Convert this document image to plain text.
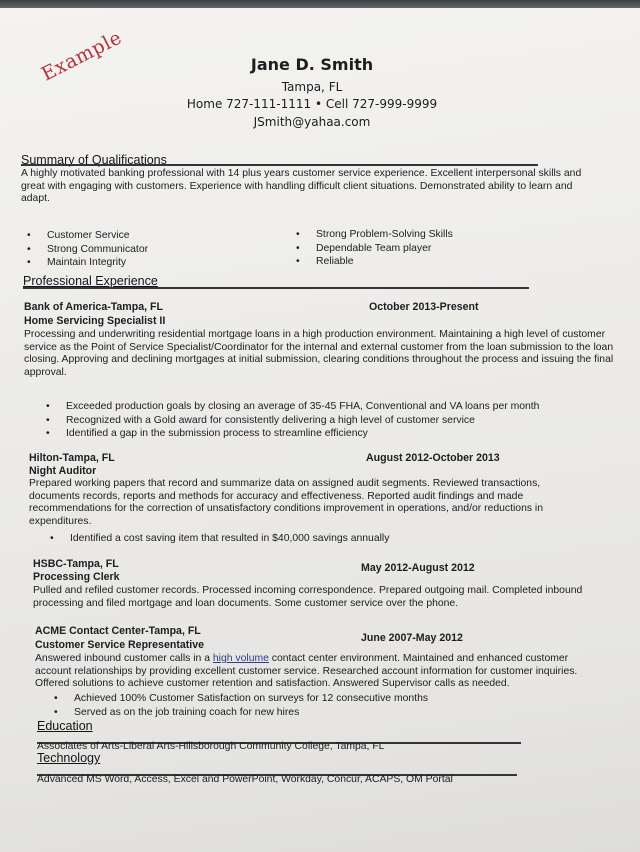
Example	Jane D. Smith
Tampa, FL
Home 727-111-1111 • Cell 727-999-9999
JSmith@yahaa.com
Summary of Qualifications
A highly motivated banking professional with 14 plus years customer service experience. Excellent interpersonal skills and
great with engaging with customers. Experience with handling difficult client situations. Demonstrated ability to learn and
adapt.
• Customer Service
• Strong Communicator
• Maintain Integrity
• Strong Problem-Solving Skills
• Dependable Team player
• Reliable
Professional Experience
Bank of America-Tampa, FL	October 2013-Present
Home Servicing Specialist II
Processing and underwriting residential mortgage loans in a high production environment. Maintaining a high level of customer
service as the Point of Service Specialist/Coordinator for the internal and external customer from the loan submission to the loan
closing. Approving and declining mortgages at initial submission, clearing conditions throughout the process and issuing the final
approval.
• Exceeded production goals by closing an average of 35-45 FHA, Conventional and VA loans per month
• Recognized with a Gold award for consistently delivering a high level of customer service
• Identified a gap in the submission process to streamline efficiency
Hilton-Tampa, FL	August 2012-October 2013
Night Auditor
Prepared working papers that record and summarize data on assigned audit segments. Reviewed transactions,
documents records, reports and methods for accuracy and effectiveness. Reported audit findings and made
recommendations for the correction of unsatisfactory conditions improvement in operations, and/or reductions in
expenditures.
• Identified a cost saving item that resulted in $40,000 savings annually
HSBC-Tampa, FL	May 2012-August 2012
Processing Clerk
Pulled and refiled customer records. Processed incoming correspondence. Prepared outgoing mail. Completed inbound
processing and filed mortgage and loan documents. Some customer service over the phone.
ACME Contact Center-Tampa, FL
June 2007-May 2012
Customer Service Representative
Answered inbound customer calls in a high volume contact center environment. Maintained and enhanced customer
account relationships by providing excellent customer service. Researched account information for customer inquiries.
Offered solutions to achieve customer retention and satisfaction. Answered Supervisor calls as needed.
• Achieved 100% Customer Satisfaction on surveys for 12 consecutive months
• Served as on the job training coach for new hires
Education
Associates of Arts-Liberal Arts-Hillsborough Community College, Tampa, FL
Technology
Advanced MS Word, Access, Excel and PowerPoint, Workday, Concur, ACAPS, OM Portal
